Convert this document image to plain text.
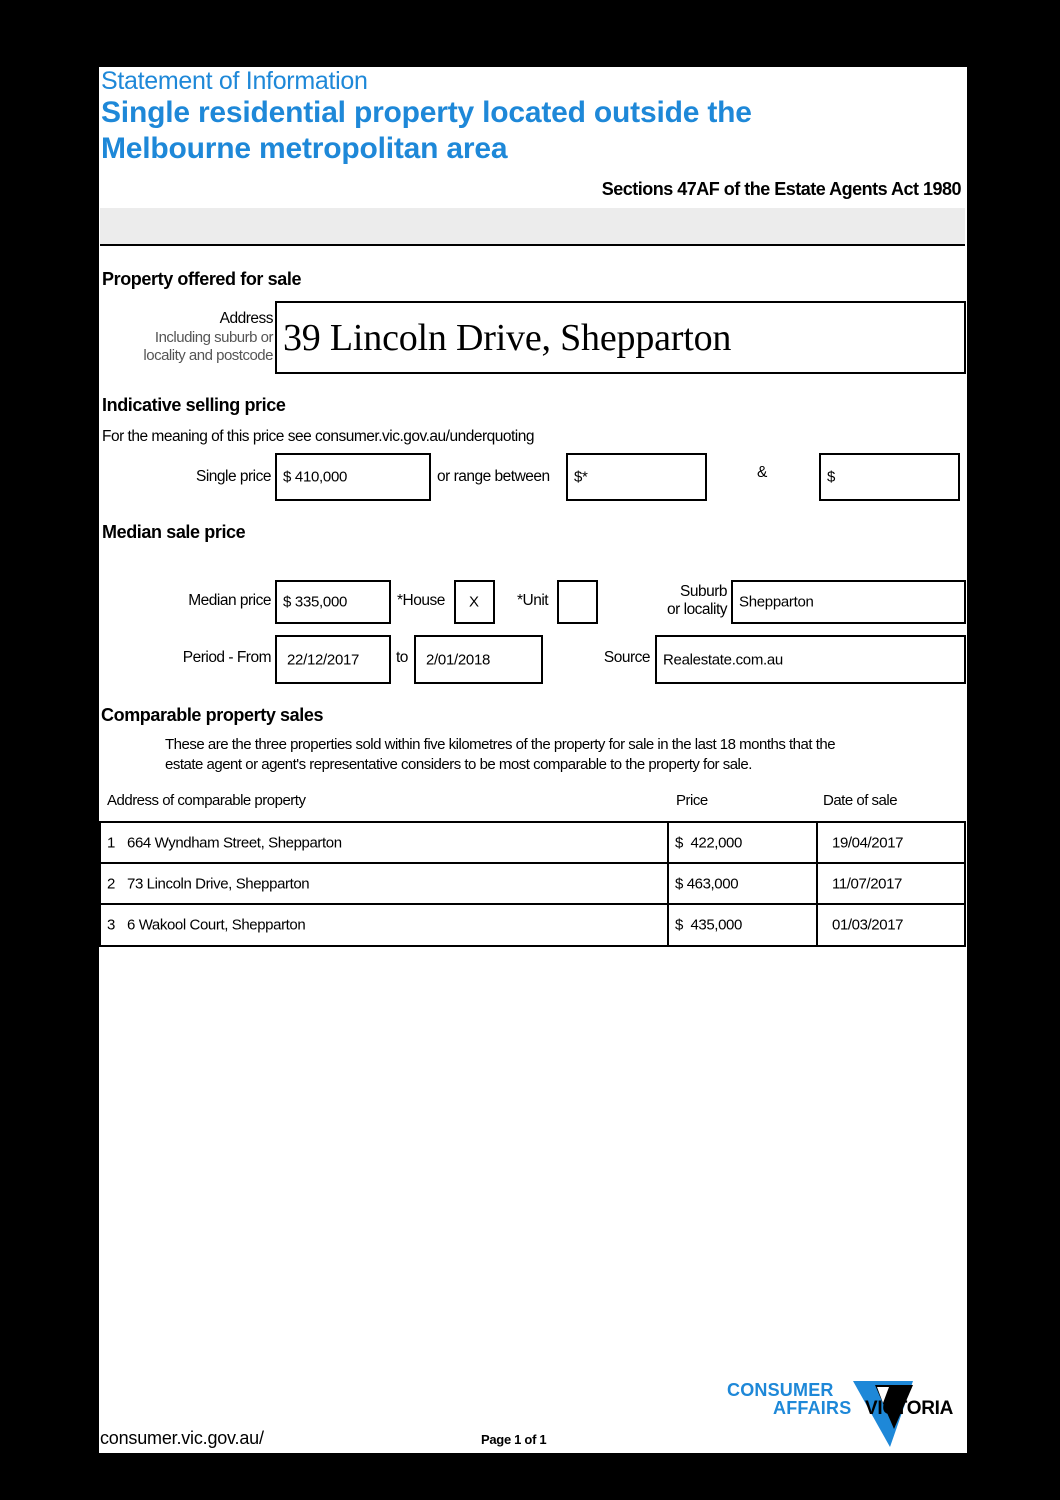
Statement of Information
Single residential property located outside the
Melbourne metropolitan area
Sections 47AF of the Estate Agents Act 1980
Property offered for sale
Address
Including suburb or
locality and postcode 39 Lincoln Drive, Shepparton
Indicative selling price
For the meaning of this price see consumer.vic.gov.au/underquoting
Single price $ 410,000	or range between $*	&	$
Median sale price
Median price $ 335,000	*House X *Unit
Suburb
or locality Shepparton
Period - From 22/12/2017 to 2/01/2018	Source Realestate.com.au
Comparable property sales
These are the three properties sold within five kilometres of the property for sale in the last 18 months that the
estate agent or agent's representative considers to be most comparable to the property for sale.
Address of comparable property	Price	Date of sale
1 664 Wyndham Street, Shepparton	$  422,000	19/04/2017
2 73 Lincoln Drive, Shepparton	$ 463,000	11/07/2017
3 6 Wakool Court, Shepparton	$  435,000	01/03/2017
consumer.vic.gov.au/	Page 1 of 1
CONSUMER
AFFAIRS VICTORIA
